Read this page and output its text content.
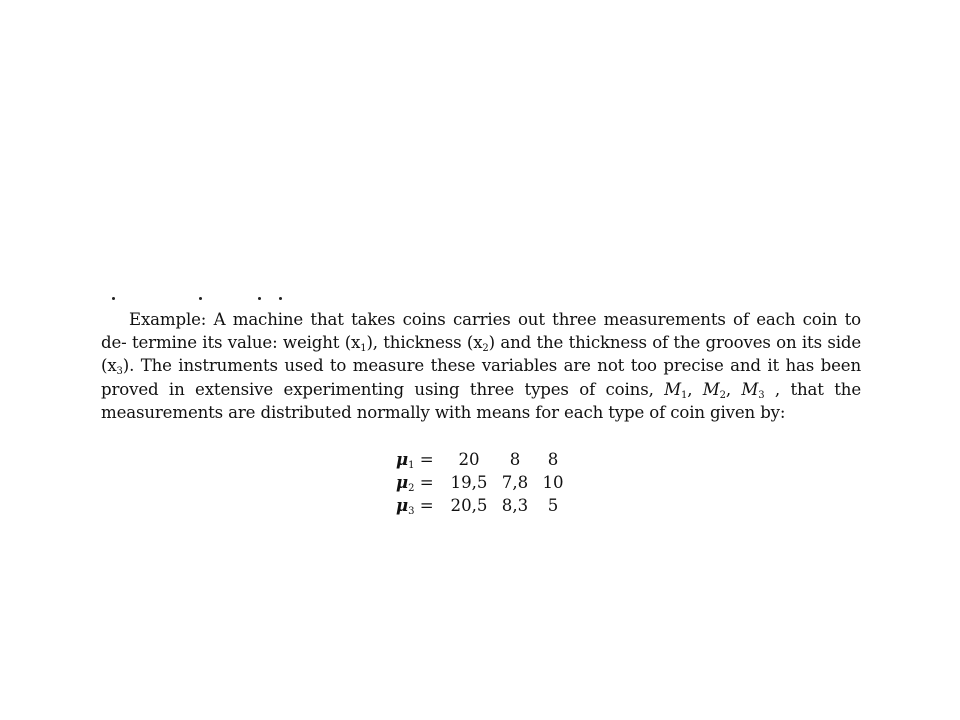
Example: A machine that takes coins carries out three measurements of each coin to de- termine its value: weight $(x_1)$, thickness $(x_2)$ and the thickness of the grooves on its side $(x_3)$. The instruments used to measure these variables are not too precise and it has been proved in extensive experimenting using three types of coins, $M_1$, $M_2$, $M_3$ , that the measurements are distributed normally with means for each type of coin given by:

$\mu_1$ =	20	8	8
$\mu_2$ =	19,5 7,8 10
$\mu_3$ =	20,5 8,3	5
